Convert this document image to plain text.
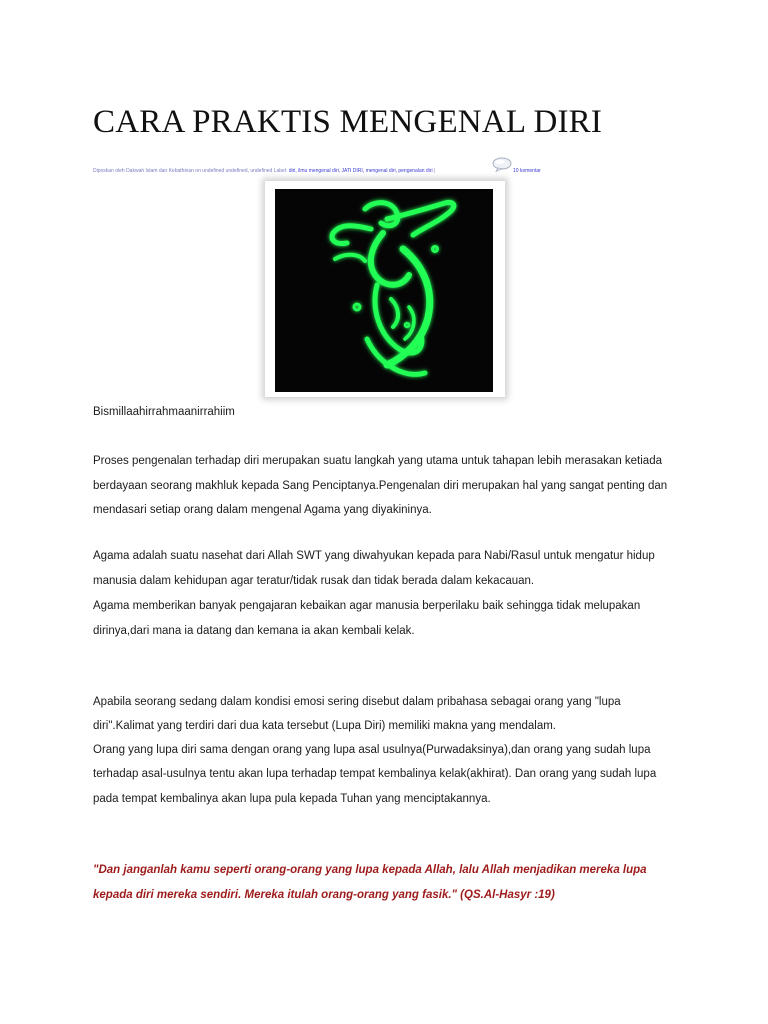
CARA PRAKTIS MENGENAL DIRI
Diposkan oleh Dakwah Islam dan Kebathinan on undefined undefined, undefined Label: diri, ilmu mengenal diri, JATI DIRI, mengenal diri, pengenalan diri |	10 komentar

Bismillaahirrahmaanirrahiim

Proses pengenalan terhadap diri merupakan suatu langkah yang utama untuk tahapan lebih merasakan ketiada

berdayaan seorang makhluk kepada Sang Penciptanya.Pengenalan diri merupakan hal yang sangat penting dan

mendasari setiap orang dalam mengenal Agama yang diyakininya.

Agama adalah suatu nasehat dari Allah SWT yang diwahyukan kepada para Nabi/Rasul untuk mengatur hidup

manusia dalam kehidupan agar teratur/tidak rusak dan tidak berada dalam kekacauan.

Agama memberikan banyak pengajaran kebaikan agar manusia berperilaku baik sehingga tidak melupakan

dirinya,dari mana ia datang dan kemana ia akan kembali kelak.

Apabila seorang sedang dalam kondisi emosi sering disebut dalam pribahasa sebagai orang yang "lupa

diri".Kalimat yang terdiri dari dua kata tersebut (Lupa Diri) memiliki makna yang mendalam.

Orang yang lupa diri sama dengan orang yang lupa asal usulnya(Purwadaksinya),dan orang yang sudah lupa

terhadap asal-usulnya tentu akan lupa terhadap tempat kembalinya kelak(akhirat). Dan orang yang sudah lupa

pada tempat kembalinya akan lupa pula kepada Tuhan yang menciptakannya.

"Dan janganlah kamu seperti orang-orang yang lupa kepada Allah, lalu Allah menjadikan mereka lupa

kepada diri mereka sendiri. Mereka itulah orang-orang yang fasik." (QS.Al-Hasyr :19)
